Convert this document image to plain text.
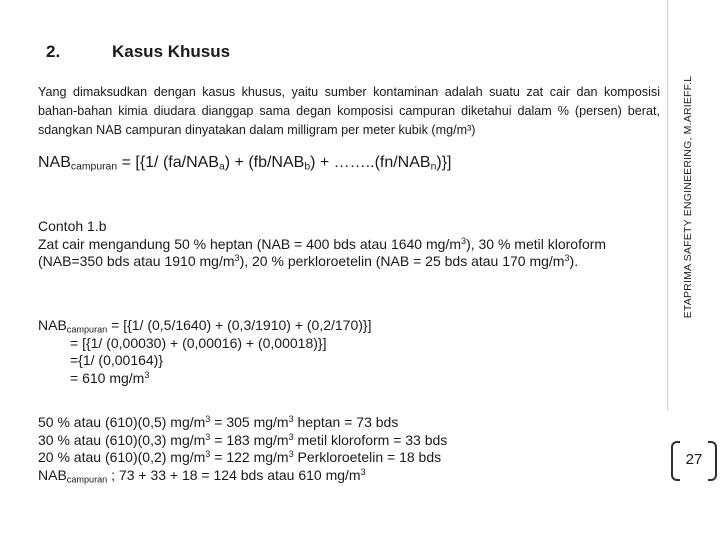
2.	Kasus Khusus
Yang dimaksudkan dengan kasus khusus, yaitu sumber kontaminan adalah suatu zat cair dan komposisi bahan-bahan kimia diudara dianggap sama degan komposisi campuran diketahui dalam % (persen) berat, sdangkan NAB campuran dinyatakan dalam milligram per meter kubik (mg/m³)
$NAB_{campuran} = [\{1/$ $(fa/NAB_a) + (fb/NAB_b)$ + $\dots\dots..(fn/NAB_n)$}]
Contoh 1.b
Zat cair mengandung 50 % heptan (NAB = 400 bds atau 1640 $mg/m^3$), 30 % metil kloroform (NAB=350 bds atau 1910 $mg/m^3$), 20 % perkloroetelin (NAB = 25 bds atau 170 $mg/m^3$).
$NAB_{campuran} = [\{1/$ (0,5/1640) + (0,3/1910) + (0,2/170)}]
= [{1/ (0,00030) + (0,00016) + (0,00018)}]
={1/ (0,00164)}
= 610 $mg/m^3$
50 % atau (610)(0,5) $mg/m^3 = 305$ $mg/m^3$ heptan = 73 bds
30 % atau (610)(0,3) $mg/m^3 = 183$ $mg/m^3$ metil kloroform = 33 bds
20 % atau (610)(0,2) $mg/m^3 = 122$ $mg/m^3$ Perkloroetelin = 18 bds
$NAB_{campuran}$ ; 73 + 33 + 18 = 124 bds atau 610 $mg/m^3$
ETAPRIMA SAFETY ENGINEERING, M.ARIEFF.L
27
